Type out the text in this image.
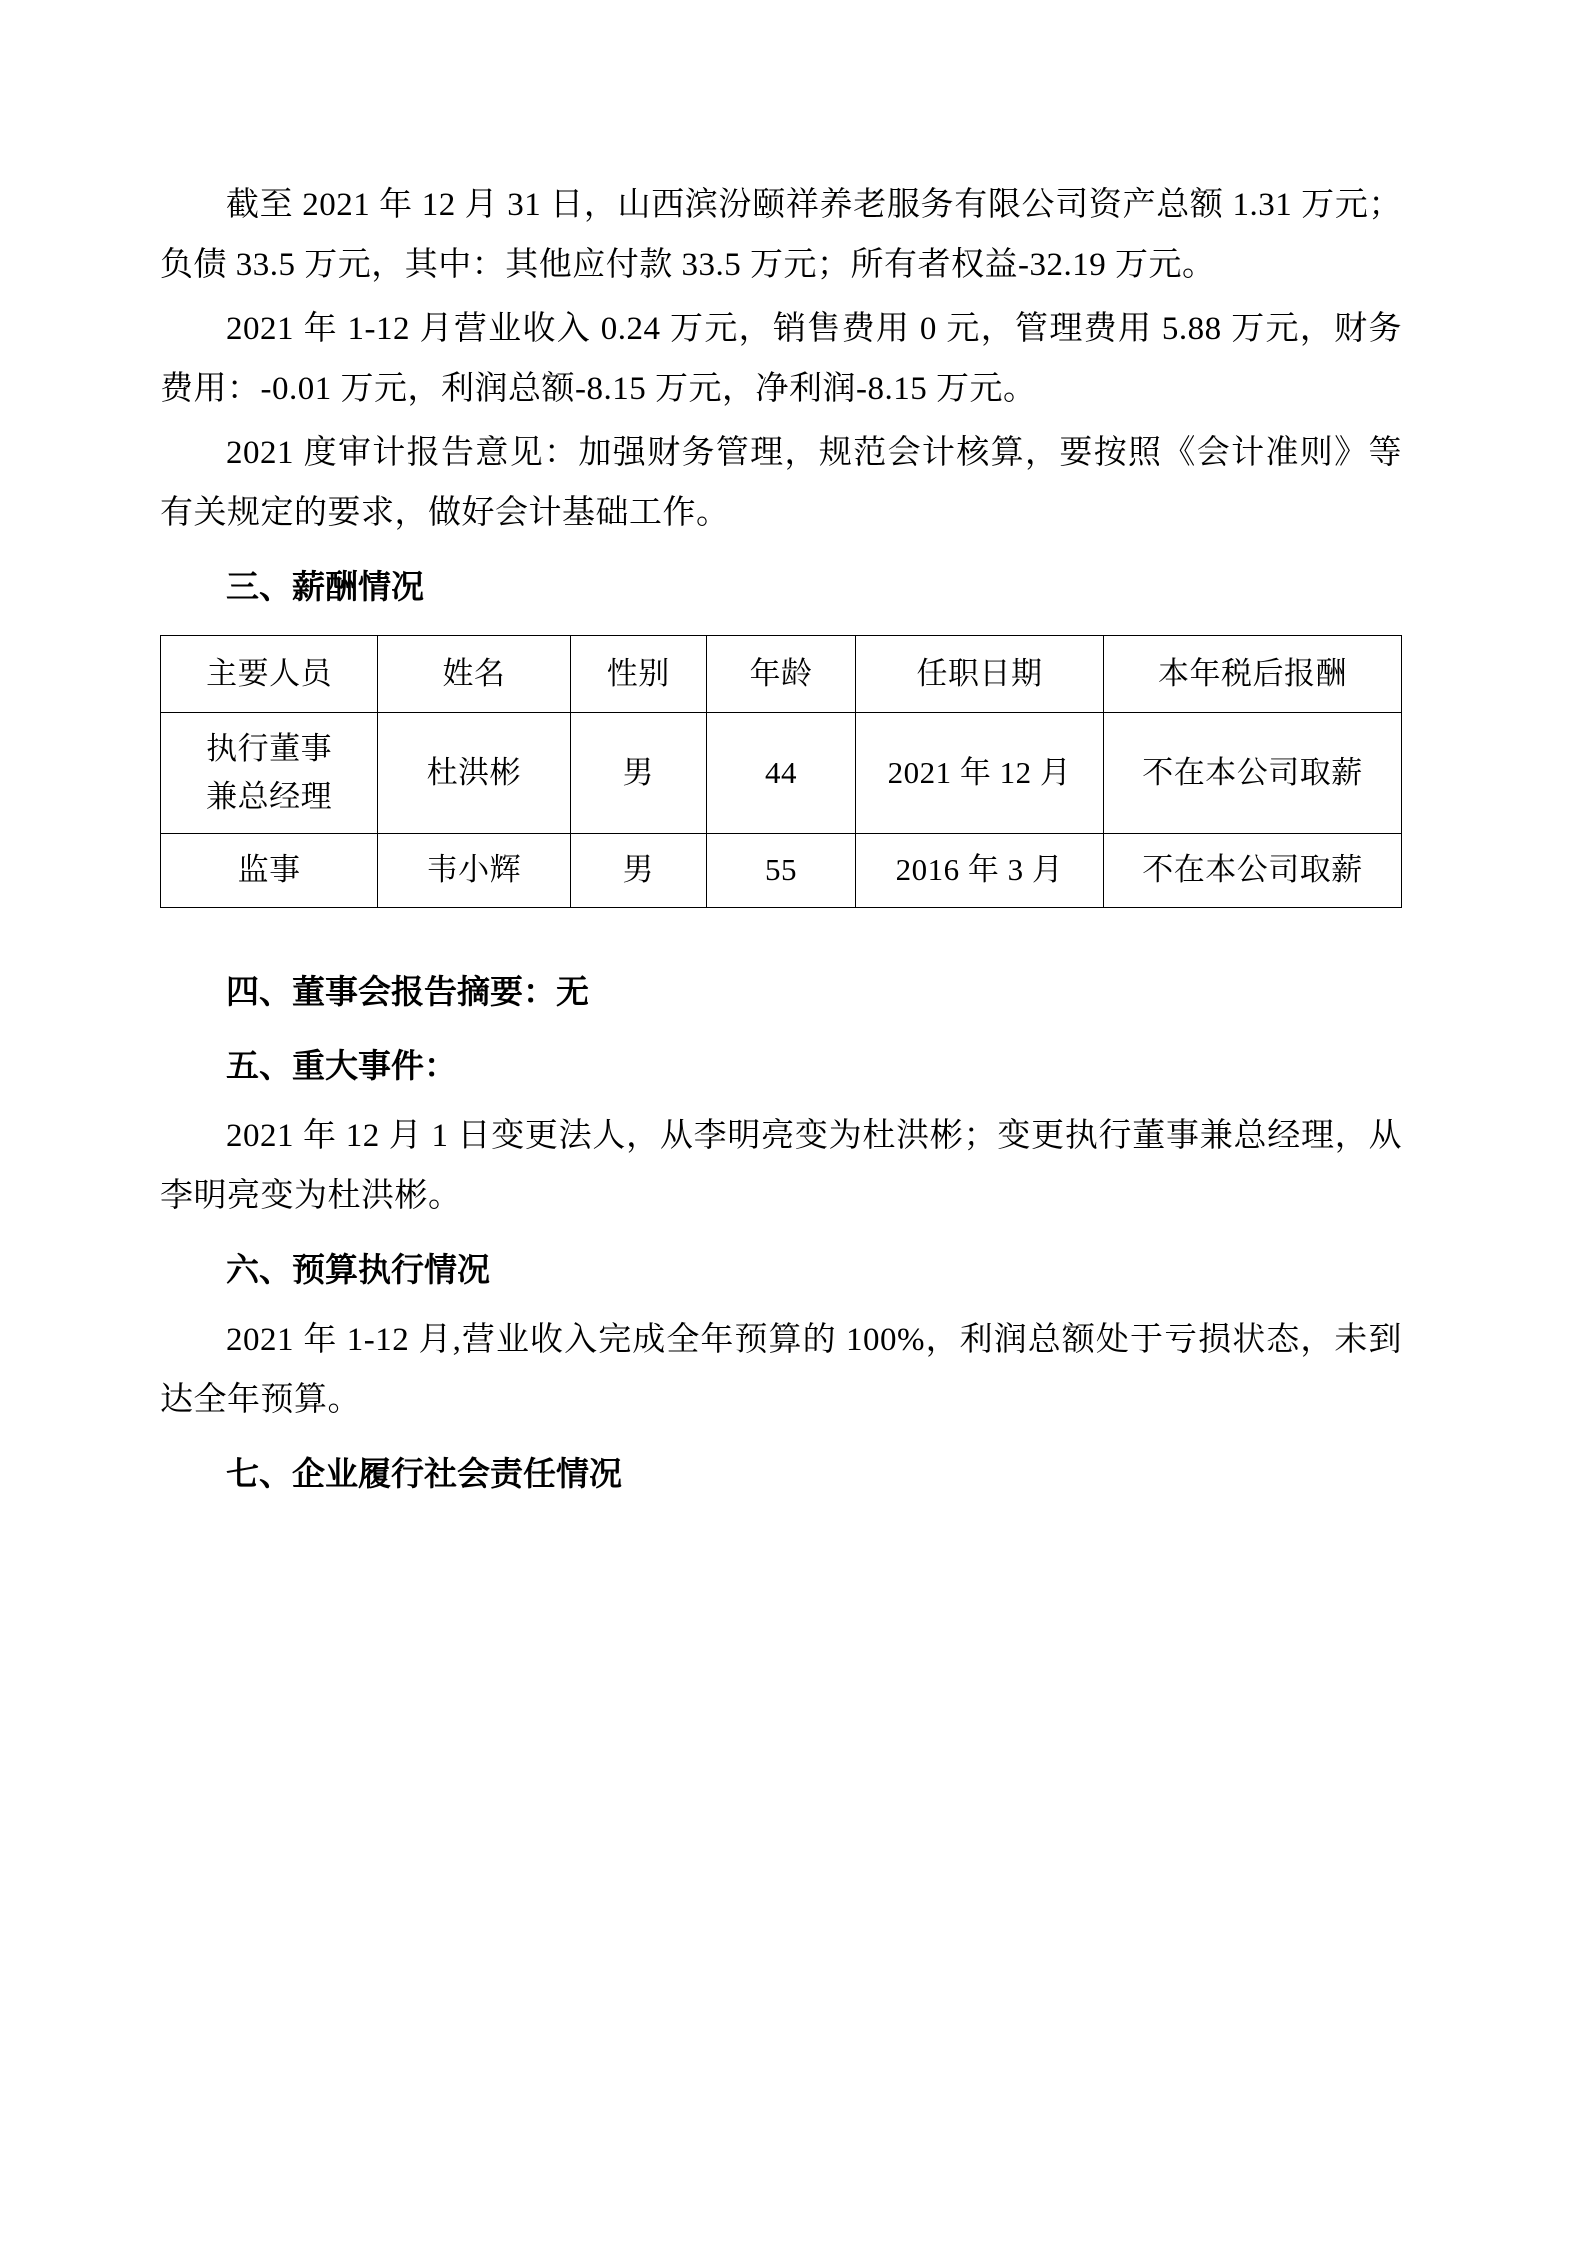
截至 2021 年 12 月 31 日，山西滨汾颐祥养老服务有限公司资产总额 1.31 万元；负债 33.5 万元，其中：其他应付款 33.5 万元；所有者权益-32.19 万元。

2021 年 1-12 月营业收入 0.24 万元，销售费用 0 元，管理费用 5.88 万元，财务费用：-0.01 万元，利润总额-8.15 万元，净利润-8.15 万元。

2021 度审计报告意见：加强财务管理，规范会计核算，要按照《会计准则》等有关规定的要求，做好会计基础工作。

三、薪酬情况
主要人员	姓名	性别	年龄	任职日期	本年税后报酬

执行董事
兼总经理	杜洪彬	男	44	2021 年 12 月	不在本公司取薪
监事	韦小辉	男	55	2016 年 3 月	不在本公司取薪
四、董事会报告摘要：无
五、重大事件：

2021 年 12 月 1 日变更法人，从李明亮变为杜洪彬；变更执行董事兼总经理，从李明亮变为杜洪彬。

六、预算执行情况

2021 年 1-12 月,营业收入完成全年预算的 100%，利润总额处于亏损状态，未到达全年预算。

七、企业履行社会责任情况
